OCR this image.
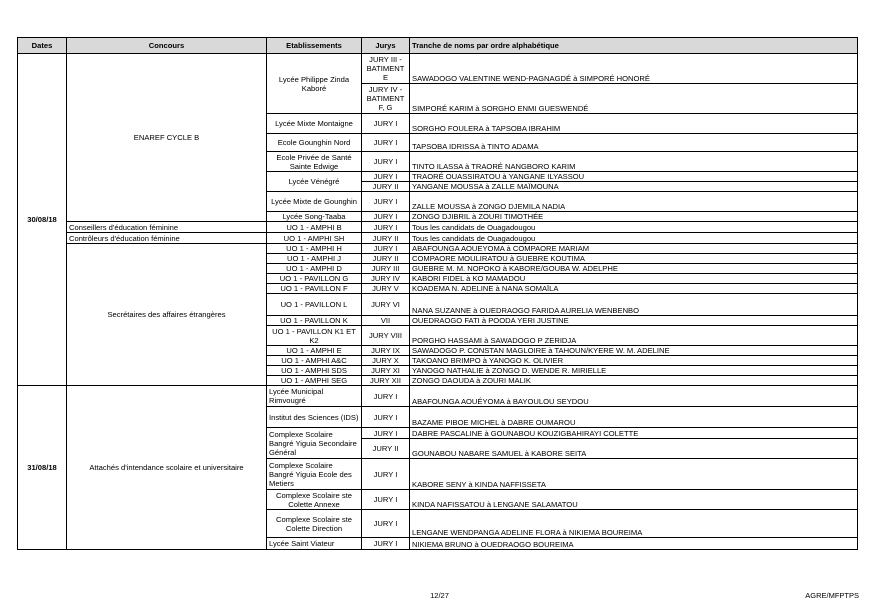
Dates	Concours	Etablissements	Jurys	Tranche de noms par ordre alphabétique
30/08/18	ENAREF CYCLE B	Lycée Philippe Zinda Kaboré	JURY III - BATIMENT E	SAWADOGO VALENTINE WEND-PAGNAGDÉ à SIMPORÉ HONORÉ
			JURY IV - BATIMENT F, G	SIMPORÉ KARIM à SORGHO ENMI GUESWENDÉ
		Lycée Mixte Montaigne	JURY I	SORGHO FOULERA à TAPSOBA IBRAHIM
		Ecole Gounghin Nord	JURY I	TAPSOBA IDRISSA à TINTO ADAMA
		Ecole Privée de Santé Sainte Edwige	JURY I	TINTO ILASSA à TRAORÉ NANGBORO KARIM
		Lycée Vénégré	JURY I	TRAORÉ OUASSIRATOU à YANGANE ILYASSOU
			JURY II	YANGANE MOUSSA à ZALLE MAÏMOUNA
		Lycée Mixte de Gounghin	JURY I	ZALLE MOUSSA à ZONGO DJEMILA NADIA
		Lycée Song-Taaba	JURY I	ZONGO DJIBRIL à ZOURI TIMOTHÉE
	Conseillers d'éducation féminine	UO 1 - AMPHI B	JURY I	Tous les candidats de Ouagadougou
	Contrôleurs d'éducation féminine	UO 1 - AMPHI SH	JURY II	Tous les candidats de Ouagadougou
	Secrétaires des affaires étrangères	UO 1 - AMPHI H	JURY I	ABAFOUNGA AOUEYOMA à COMPAORE MARIAM
		UO 1 - AMPHI J	JURY II	COMPAORE MOULIRATOU à GUEBRE KOUTIMA
		UO 1 - AMPHI D	JURY III	GUEBRE M. M. NOPOKO à KABORE/GOUBA W. ADELPHE
		UO 1 - PAVILLON G	JURY IV	KABORI FIDEL à KO MAMADOU
		UO 1 - PAVILLON F	JURY V	KOADEMA N. ADELINE à NANA SOMAÏLA
		UO 1 - PAVILLON L	JURY VI	NANA SUZANNE à OUEDRAOGO FARIDA AURELIA WENBENBO
		UO 1 - PAVILLON K	VII	OUEDRAOGO FATI à POODA YERI JUSTINE
		UO 1 - PAVILLON K1 ET K2	JURY VIII	PORGHO HASSAMI à SAWADOGO P ZERIDJA
		UO 1 - AMPHI E	JURY IX	SAWADOGO P. CONSTAN MAGLOIRE à TAHOUN/KYERE W. M. ADELINE
		UO 1 - AMPHI A&C	JURY X	TAKOANO BRIMPO à YANOGO K. OLIVIER
		UO 1 - AMPHI SDS	JURY XI	YANOGO NATHALIE à ZONGO D. WENDE R. MIRIELLE
		UO 1 - AMPHI SEG	JURY XII	ZONGO DAOUDA à ZOURI MALIK
31/08/18	Attachés d'intendance scolaire et universitaire	Lycée Municipal Rimvougré	JURY I	ABAFOUNGA AOUÉYOMA à BAYOULOU SEYDOU
		Institut des Sciences (IDS)	JURY I	BAZAME PIBOE MICHEL à DABRE OUMAROU
		Complexe Scolaire Bangré Yiguia Secondaire Général	JURY I	DABRE PASCALINE à GOUNABOU KOUZIGBAHIRAYI COLETTE
			JURY II	GOUNABOU NABARE SAMUEL à KABORE SEITA
		Complexe Scolaire Bangré Yiguia Ecole des Metiers	JURY I	KABORE SENY à KINDA NAFFISSETA
		Complexe Scolaire ste Colette Annexe	JURY I	KINDA NAFISSATOU à LENGANE SALAMATOU
		Complexe Scolaire ste Colette Direction	JURY I	LENGANE WENDPANGA ADELINE FLORA à NIKIEMA BOUREIMA
		Lycée Saint Viateur	JURY I	NIKIEMA BRUNO à OUEDRAOGO BOUREIMA
12/27	AGRE/MFPTPS
